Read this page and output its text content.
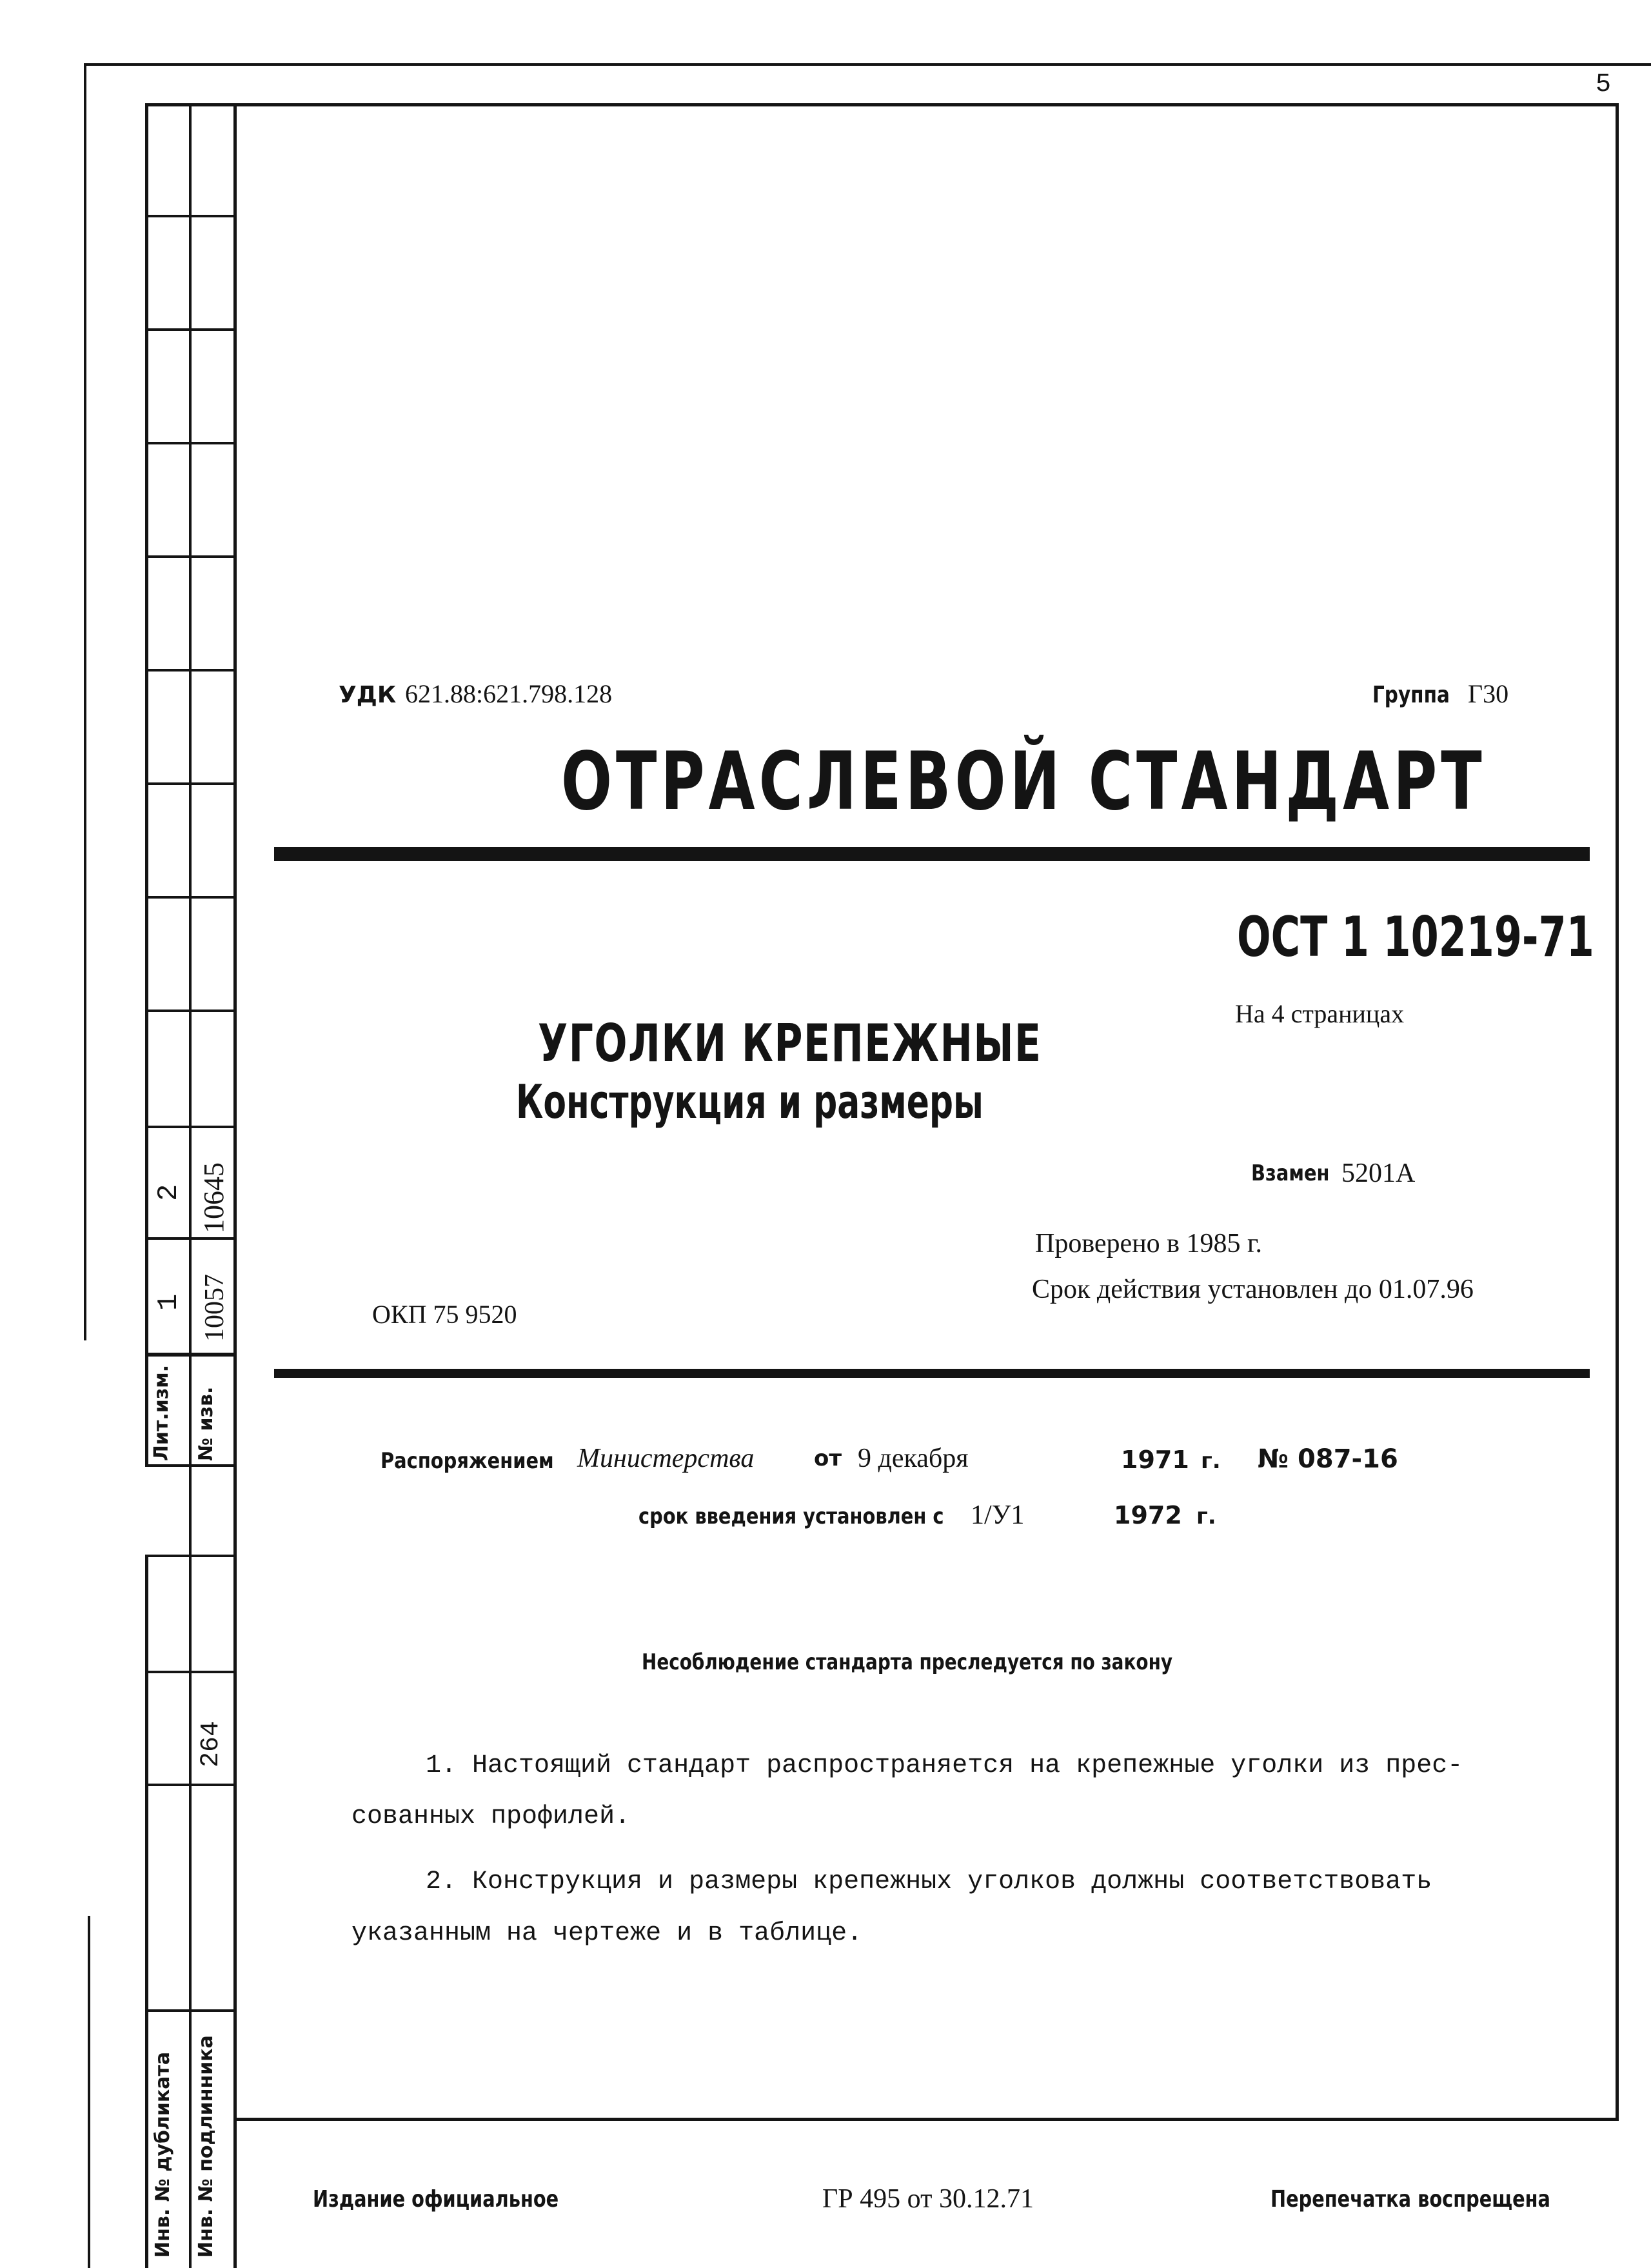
5
Лит.изм. № изв.
1
2
10057
10645
264
Инв. № дубликата Инв. № подлинника
УДК 621.88:621.798.128	Группа Г30
ОТРАСЛЕВОЙ СТАНДАРТ
ОСТ 1 10219-71
На 4 страницах
УГОЛКИ КРЕПЕЖНЫЕ
Конструкция и размеры
Взамен 5201А
Проверено в 1985 г.
Срок действия установлен до 01.07.96
ОКП 75 9520
Распоряжением Министерства	от 9 декабря	1971 г. № 087-16
срок введения установлен с 1/У1	1972 г.
Несоблюдение стандарта преследуется по закону
1. Настоящий стандарт распространяется на крепежные уголки из прес-
сованных профилей.
2. Конструкция и размеры крепежных уголков должны соответствовать
указанным на чертеже и в таблице.
Издание официальное	ГР 495 от 30.12.71	Перепечатка воспрещена
